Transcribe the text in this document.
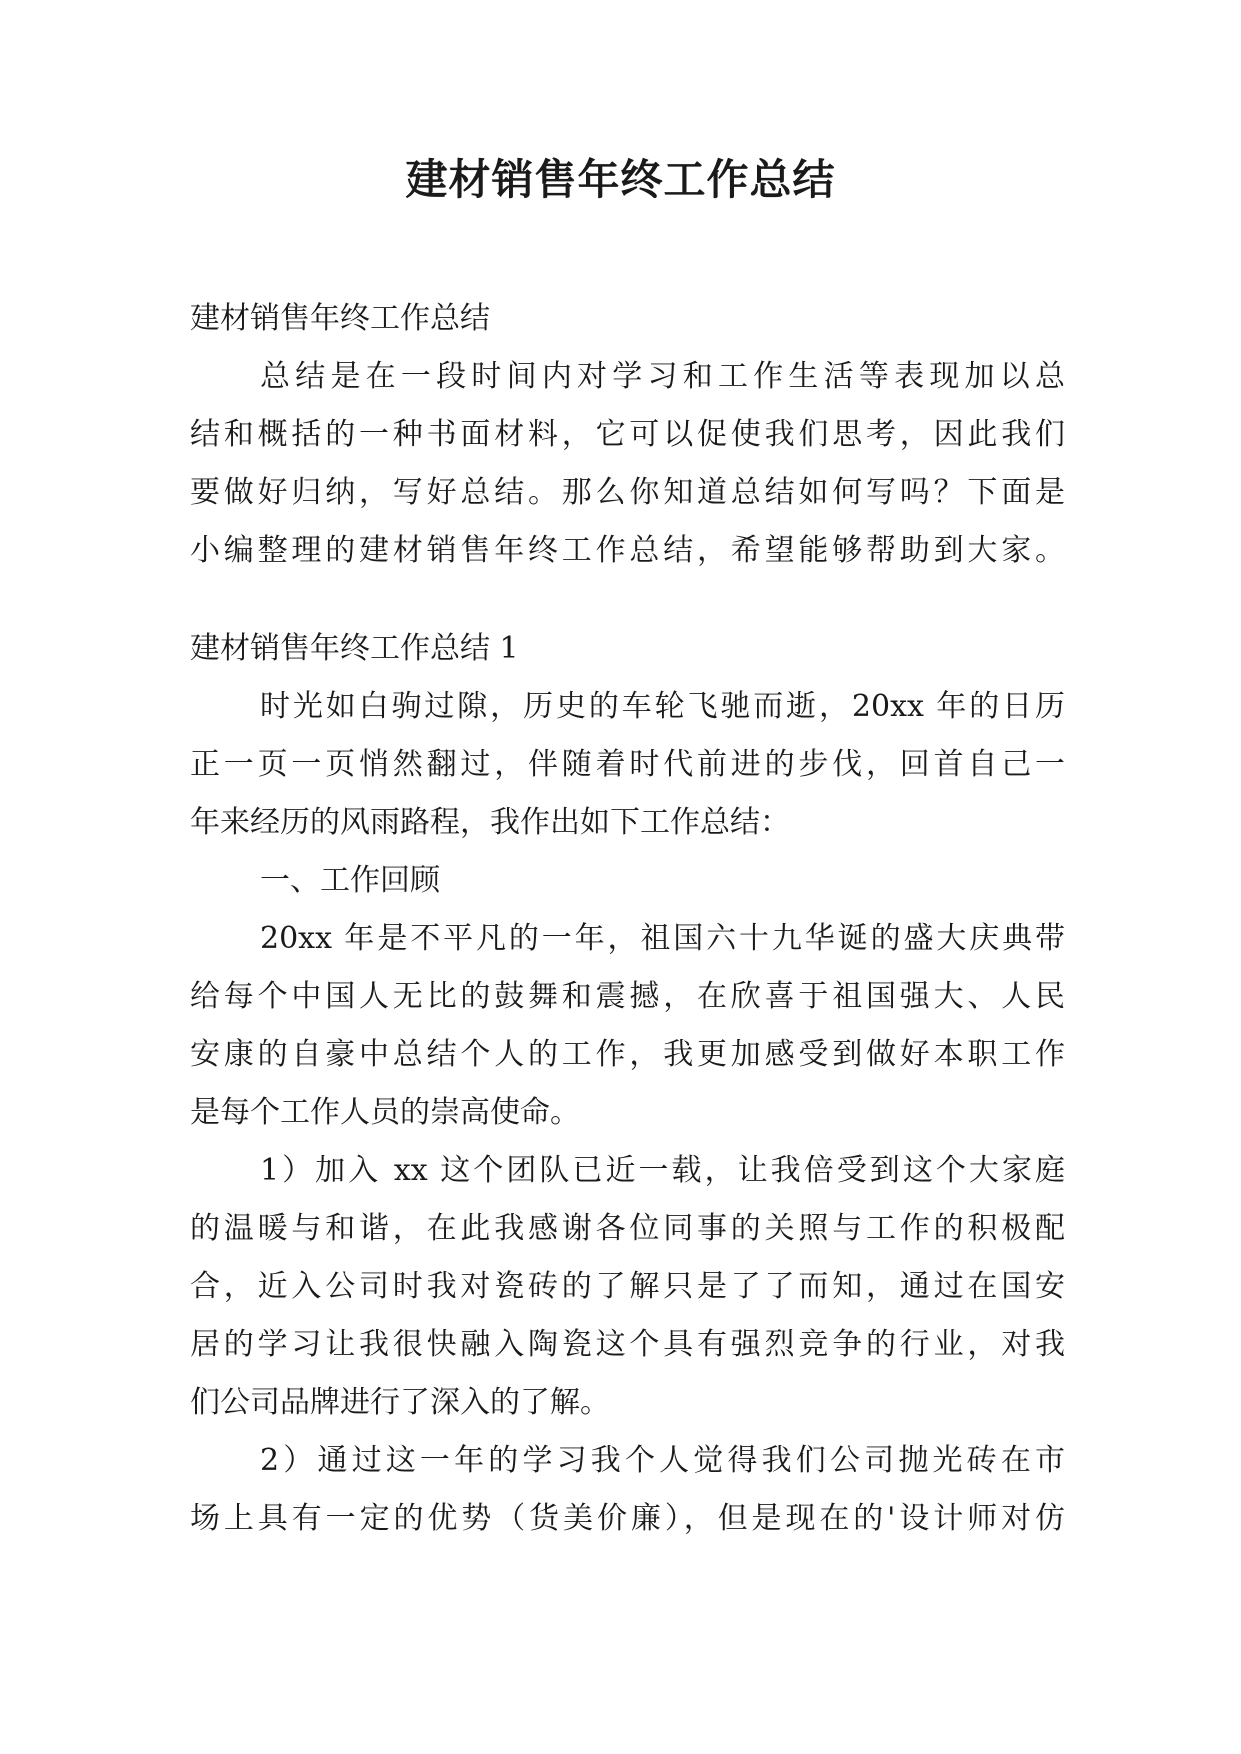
建材销售年终工作总结
建材销售年终工作总结
总结是在一段时间内对学习和工作生活等表现加以总
结和概括的一种书面材料，它可以促使我们思考，因此我们
要做好归纳，写好总结。那么你知道总结如何写吗？下面是
小编整理的建材销售年终工作总结，希望能够帮助到大家。
建材销售年终工作总结 1
时光如白驹过隙，历史的车轮飞驰而逝，20xx 年的日历
正一页一页悄然翻过，伴随着时代前进的步伐，回首自己一
年来经历的风雨路程，我作出如下工作总结：
一、工作回顾
20xx 年是不平凡的一年，祖国六十九华诞的盛大庆典带
给每个中国人无比的鼓舞和震撼，在欣喜于祖国强大、人民
安康的自豪中总结个人的工作，我更加感受到做好本职工作
是每个工作人员的崇高使命。
1）加入 xx 这个团队已近一载，让我倍受到这个大家庭
的温暖与和谐，在此我感谢各位同事的关照与工作的积极配
合，近入公司时我对瓷砖的了解只是了了而知，通过在国安
居的学习让我很快融入陶瓷这个具有强烈竞争的行业，对我
们公司品牌进行了深入的了解。
2）通过这一年的学习我个人觉得我们公司抛光砖在市
场上具有一定的优势（货美价廉），但是现在的'设计师对仿
